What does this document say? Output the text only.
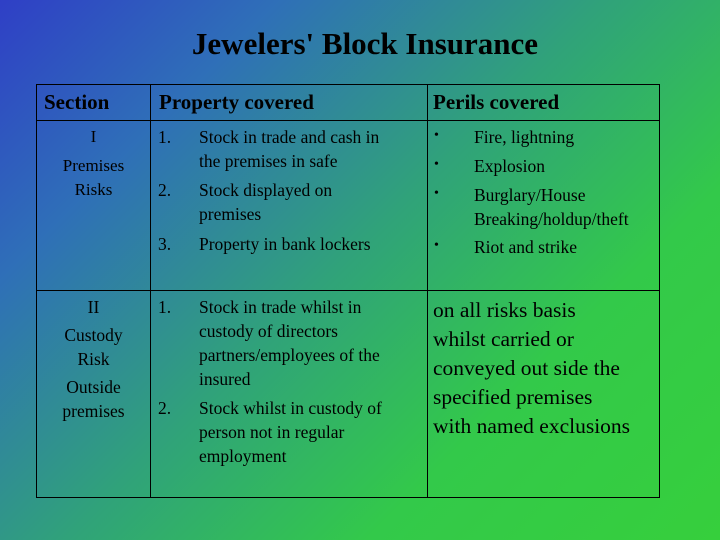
Jewelers' Block Insurance
Section Property covered	Perils covered
I
Premises
Risks
1. Stock in trade and cash in
the premises in safe
2. Stock displayed on
premises
3. Property in bank lockers
•
•
•
•
Fire, lightning
Explosion
Burglary/House
Breaking/holdup/theft
Riot and strike
II
Custody
Risk
Outside
premises
1. Stock in trade whilst in
custody of directors
partners/employees of the
insured
2. Stock whilst in custody of
person not in regular
employment
on all risks basis
whilst carried or
conveyed out side the
specified premises
with named exclusions
